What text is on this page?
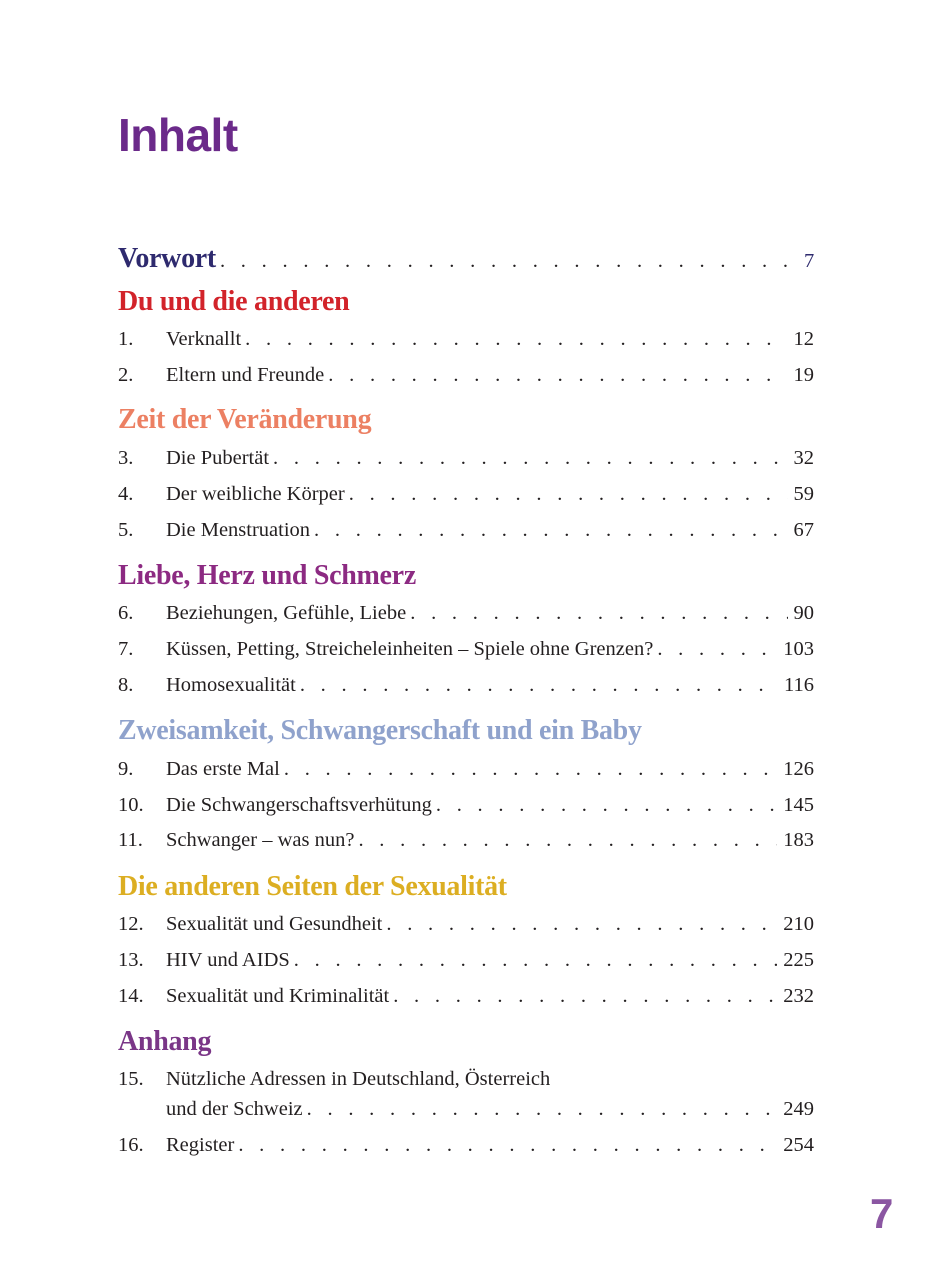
Inhalt
Vorwort . . .	7
Du und die anderen
1. Verknallt . . .	12
2. Eltern und Freunde . . .	19
Zeit der Veränderung
3. Die Pubertät . . .	32
4. Der weibliche Körper . . .	59
5. Die Menstruation . . .	67
Liebe, Herz und Schmerz
6. Beziehungen, Gefühle, Liebe . . .	90
7. Küssen, Petting, Streicheleinheiten – Spiele ohne Grenzen? . . .	103
8. Homosexualität . . .	116
Zweisamkeit, Schwangerschaft und ein Baby
9. Das erste Mal . . .	126
10. Die Schwangerschaftsverhütung . . .	145
11. Schwanger – was nun? . . .	183
Die anderen Seiten der Sexualität
12. Sexualität und Gesundheit . . .	210
13. HIV und AIDS . . .	225
14. Sexualität und Kriminalität . . .	232
Anhang
15. Nützliche Adressen in Deutschland, Österreich
und der Schweiz . . .	249
16. Register . . .	254
7
